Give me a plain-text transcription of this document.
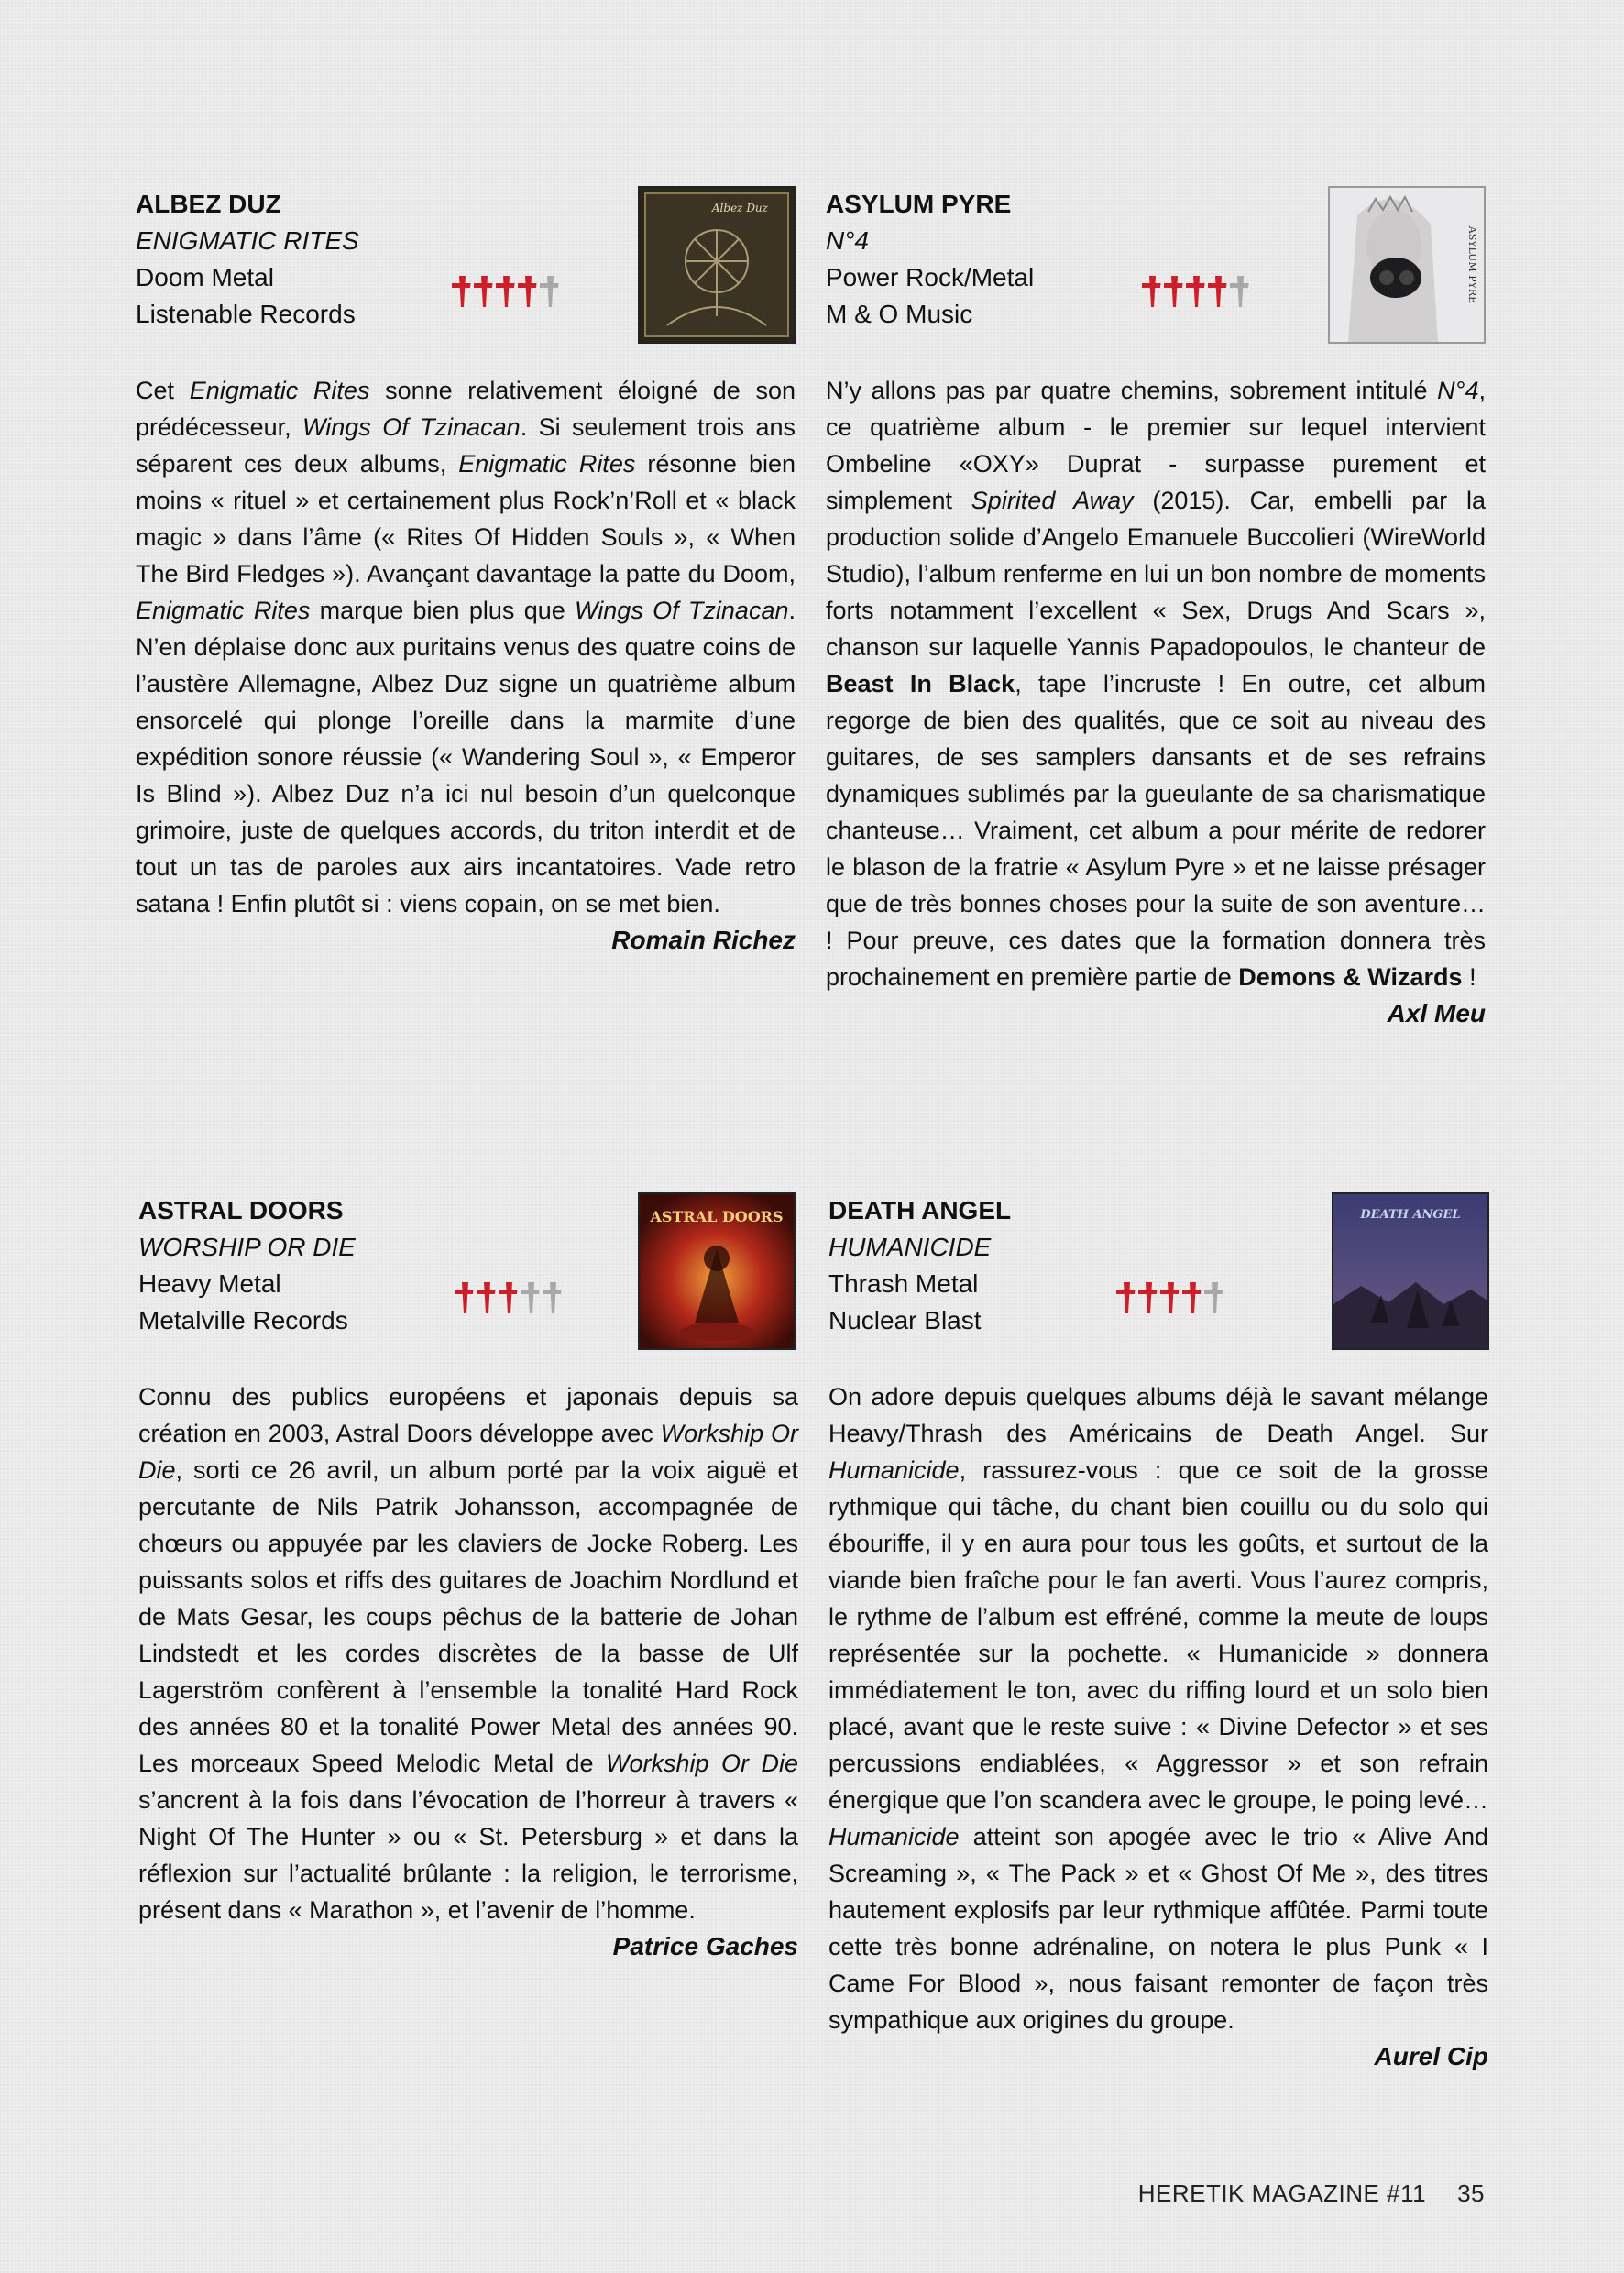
ALBEZ DUZ
ENIGMATIC RITES
Doom Metal
Listenable Records
Albez Duz

Cet Enigmatic Rites sonne relativement éloigné de son prédécesseur, Wings Of Tzinacan. Si seulement trois ans séparent ces deux albums, Enigmatic Rites résonne bien moins « rituel » et certainement plus Rock’n’Roll et « black magic » dans l’âme (« Rites Of Hidden Souls », « When The Bird Fledges »). Avançant davantage la patte du Doom, Enigmatic Rites marque bien plus que Wings Of Tzinacan. N’en déplaise donc aux puritains venus des quatre coins de l’austère Allemagne, Albez Duz signe un quatrième album ensorcelé qui plonge l’oreille dans la marmite d’une expédition sonore réussie (« Wandering Soul », « Emperor Is Blind »). Albez Duz n’a ici nul besoin d’un quelconque grimoire, juste de quelques accords, du triton interdit et de tout un tas de paroles aux airs incantatoires. Vade retro satana ! Enfin plutôt si : viens copain, on se met bien.

Romain Richez
ASYLUM PYRE
N°4
Power Rock/Metal
M & O Music
ASYLUM PYRE

N’y allons pas par quatre chemins, sobrement intitulé N°4, ce quatrième album - le premier sur lequel intervient Ombeline «OXY» Duprat - surpasse purement et simplement Spirited Away (2015). Car, embelli par la production solide d’Angelo Emanuele Buccolieri (WireWorld Studio), l’album renferme en lui un bon nombre de moments forts notamment l’excellent « Sex, Drugs And Scars », chanson sur laquelle Yannis Papadopoulos, le chanteur de Beast In Black, tape l’incruste ! En outre, cet album regorge de bien des qualités, que ce soit au niveau des guitares, de ses samplers dansants et de ses refrains dynamiques sublimés par la gueulante de sa charismatique chanteuse… Vraiment, cet album a pour mérite de redorer le blason de la fratrie « Asylum Pyre » et ne laisse présager que de très bonnes choses pour la suite de son aventure… ! Pour preuve, ces dates que la formation donnera très prochainement en première partie de Demons & Wizards !

Axl Meu
ASTRAL DOORS
WORSHIP OR DIE
Heavy Metal
Metalville Records
ASTRAL DOORS

Connu des publics européens et japonais depuis sa création en 2003, Astral Doors développe avec Workship Or Die, sorti ce 26 avril, un album porté par la voix aiguë et percutante de Nils Patrik Johansson, accompagnée de chœurs ou appuyée par les claviers de Jocke Roberg. Les puissants solos et riffs des guitares de Joachim Nordlund et de Mats Gesar, les coups pêchus de la batterie de Johan Lindstedt et les cordes discrètes de la basse de Ulf Lagerström confèrent à l’ensemble la tonalité Hard Rock des années 80 et la tonalité Power Metal des années 90. Les morceaux Speed Melodic Metal de Workship Or Die s’ancrent à la fois dans l’évocation de l’horreur à travers « Night Of The Hunter » ou « St. Petersburg » et dans la réflexion sur l’actualité brûlante : la religion, le terrorisme, présent dans « Marathon », et l’avenir de l’homme.

Patrice Gaches
DEATH ANGEL
HUMANICIDE
Thrash Metal
Nuclear Blast
DEATH ANGEL

On adore depuis quelques albums déjà le savant mélange Heavy/Thrash des Américains de Death Angel. Sur Humanicide, rassurez-vous : que ce soit de la grosse rythmique qui tâche, du chant bien couillu ou du solo qui ébouriffe, il y en aura pour tous les goûts, et surtout de la viande bien fraîche pour le fan averti. Vous l’aurez compris, le rythme de l’album est effréné, comme la meute de loups représentée sur la pochette. « Humanicide » donnera immédiatement le ton, avec du riffing lourd et un solo bien placé, avant que le reste suive : « Divine Defector » et ses percussions endiablées, « Aggressor » et son refrain énergique que l’on scandera avec le groupe, le poing levé… Humanicide atteint son apogée avec le trio « Alive And Screaming », « The Pack » et « Ghost Of Me », des titres hautement explosifs par leur rythmique affûtée. Parmi toute cette très bonne adrénaline, on notera le plus Punk « I Came For Blood », nous faisant remonter de façon très sympathique aux origines du groupe.

Aurel Cip
HERETIK MAGAZINE #11 35
